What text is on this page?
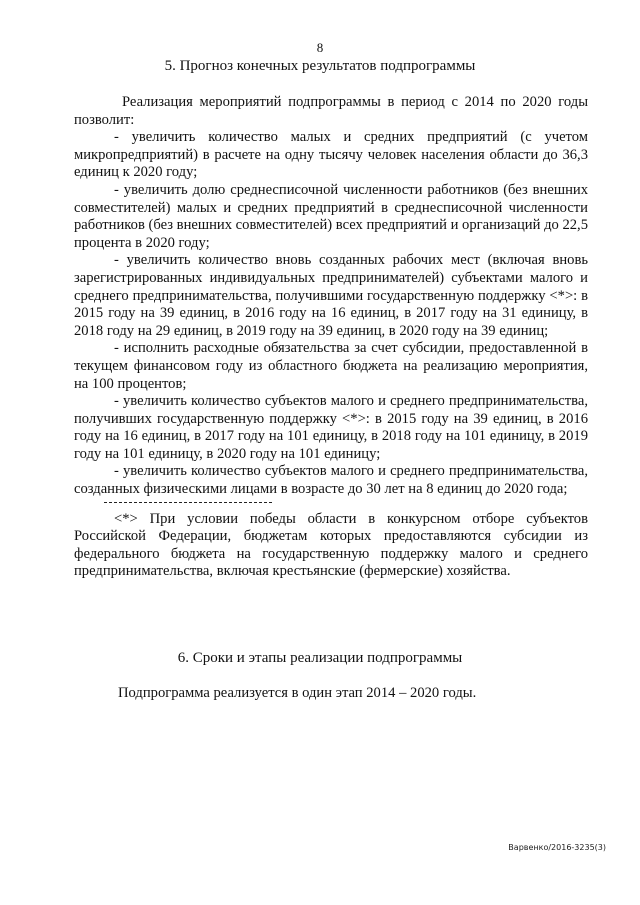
8
5. Прогноз конечных результатов подпрограммы

Реализация мероприятий подпрограммы в период с 2014 по 2020 годы позволит:

- увеличить количество малых и средних предприятий (с учетом микропредприятий) в расчете на одну тысячу человек населения области до 36,3 единиц к 2020 году;

- увеличить долю среднесписочной численности работников (без внешних совместителей) малых и средних предприятий в среднесписочной численности работников (без внешних совместителей) всех предприятий и организаций до 22,5 процента в 2020 году;

- увеличить количество вновь созданных рабочих мест (включая вновь зарегистрированных индивидуальных предпринимателей) субъектами малого и среднего предпринимательства, получившими государственную поддержку <*>: в 2015 году на 39 единиц, в 2016 году на 16 единиц, в 2017 году на 31 единицу, в 2018 году на 29 единиц, в 2019 году на 39 единиц, в 2020 году на 39 единиц;

- исполнить расходные обязательства за счет субсидии, предоставленной в текущем финансовом году из областного бюджета на реализацию мероприятия, на 100 процентов;

- увеличить количество субъектов малого и среднего предпринимательства, получивших государственную поддержку <*>: в 2015 году на 39 единиц, в 2016 году на 16 единиц, в 2017 году на 101 единицу, в 2018 году на 101 единицу, в 2019 году на 101 единицу, в 2020 году на 101 единицу;

- увеличить количество субъектов малого и среднего предпринимательства, созданных физическими лицами в возрасте до 30 лет на 8 единиц до 2020 года;

<*> При условии победы области в конкурсном отборе субъектов Российской Федерации, бюджетам которых предоставляются субсидии из федерального бюджета на государственную поддержку малого и среднего предпринимательства, включая крестьянские (фермерские) хозяйства.

6. Сроки и этапы реализации подпрограммы
Подпрограмма реализуется в один этап 2014 – 2020 годы.
Варвенко/2016-3235(3)
